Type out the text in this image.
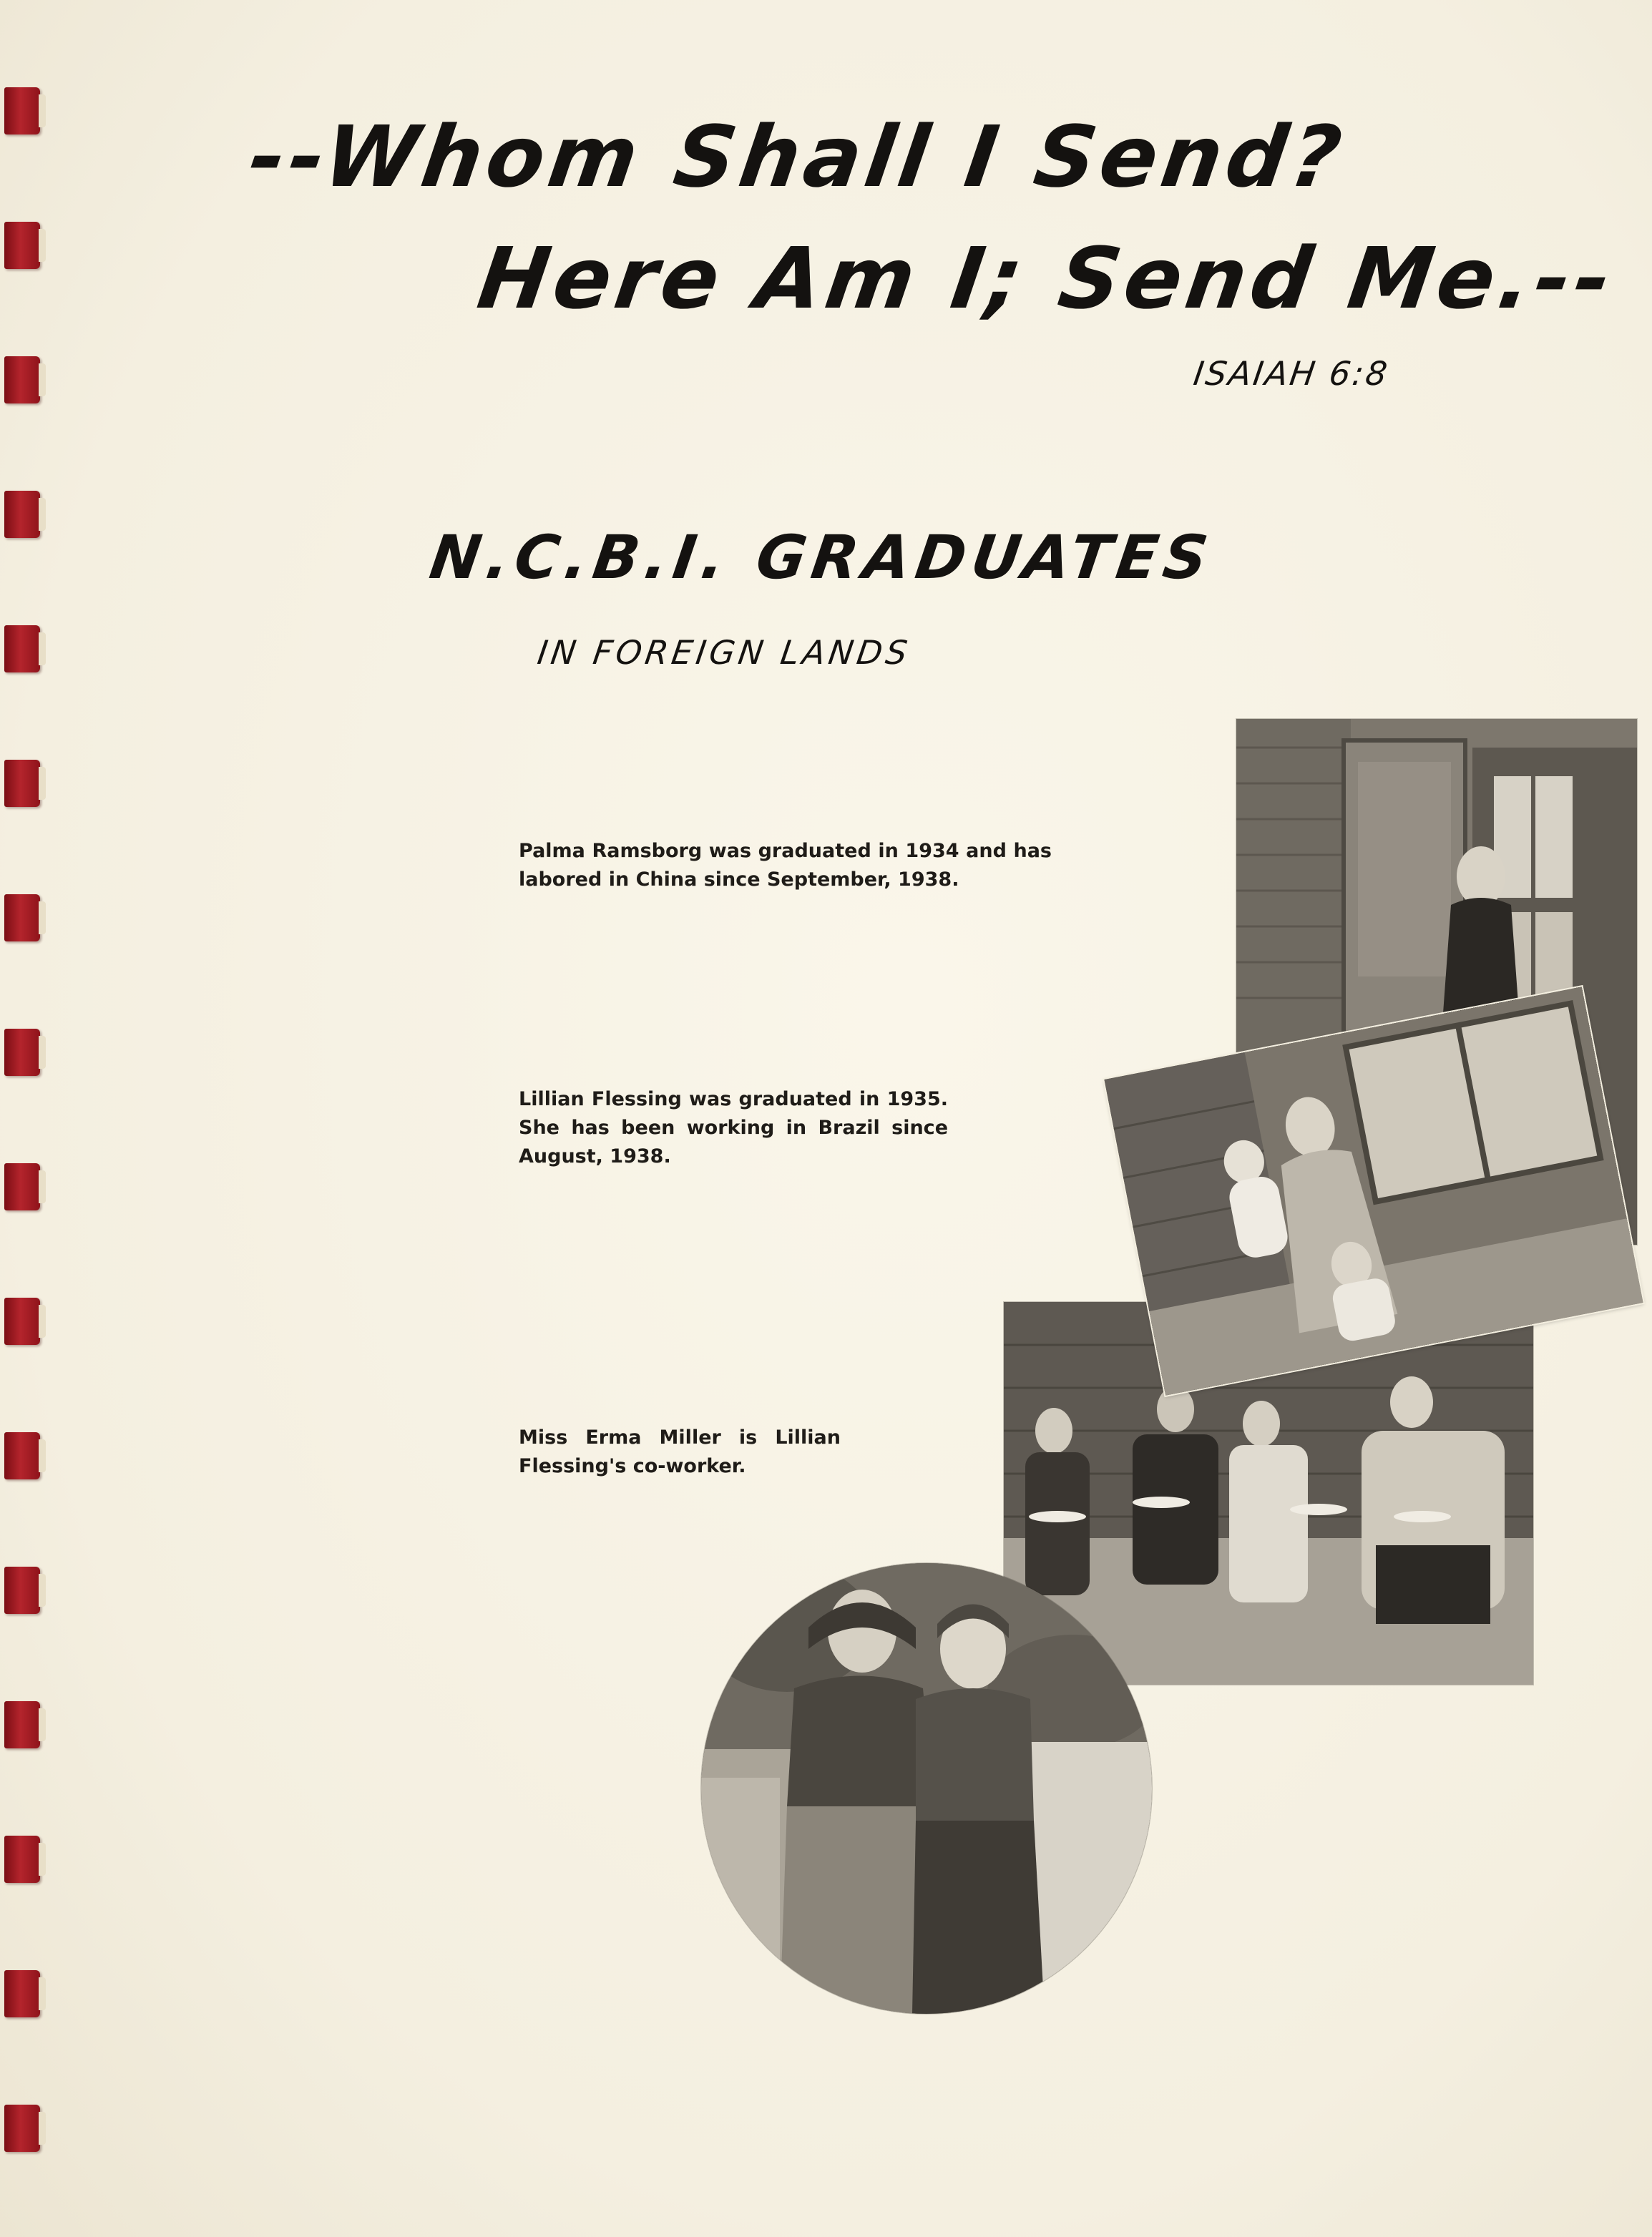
--Whom Shall I Send?
Here Am I; Send Me.--
ISAIAH 6:8
N.C.B.I. GRADUATES
IN FOREIGN LANDS
Palma Ramsborg was graduated in 1934 and has labored in China since September, 1938.
Lillian Flessing was graduated in 1935. She has been working in Brazil since August, 1938.
Miss Erma Miller is Lillian Flessing's co-worker.
